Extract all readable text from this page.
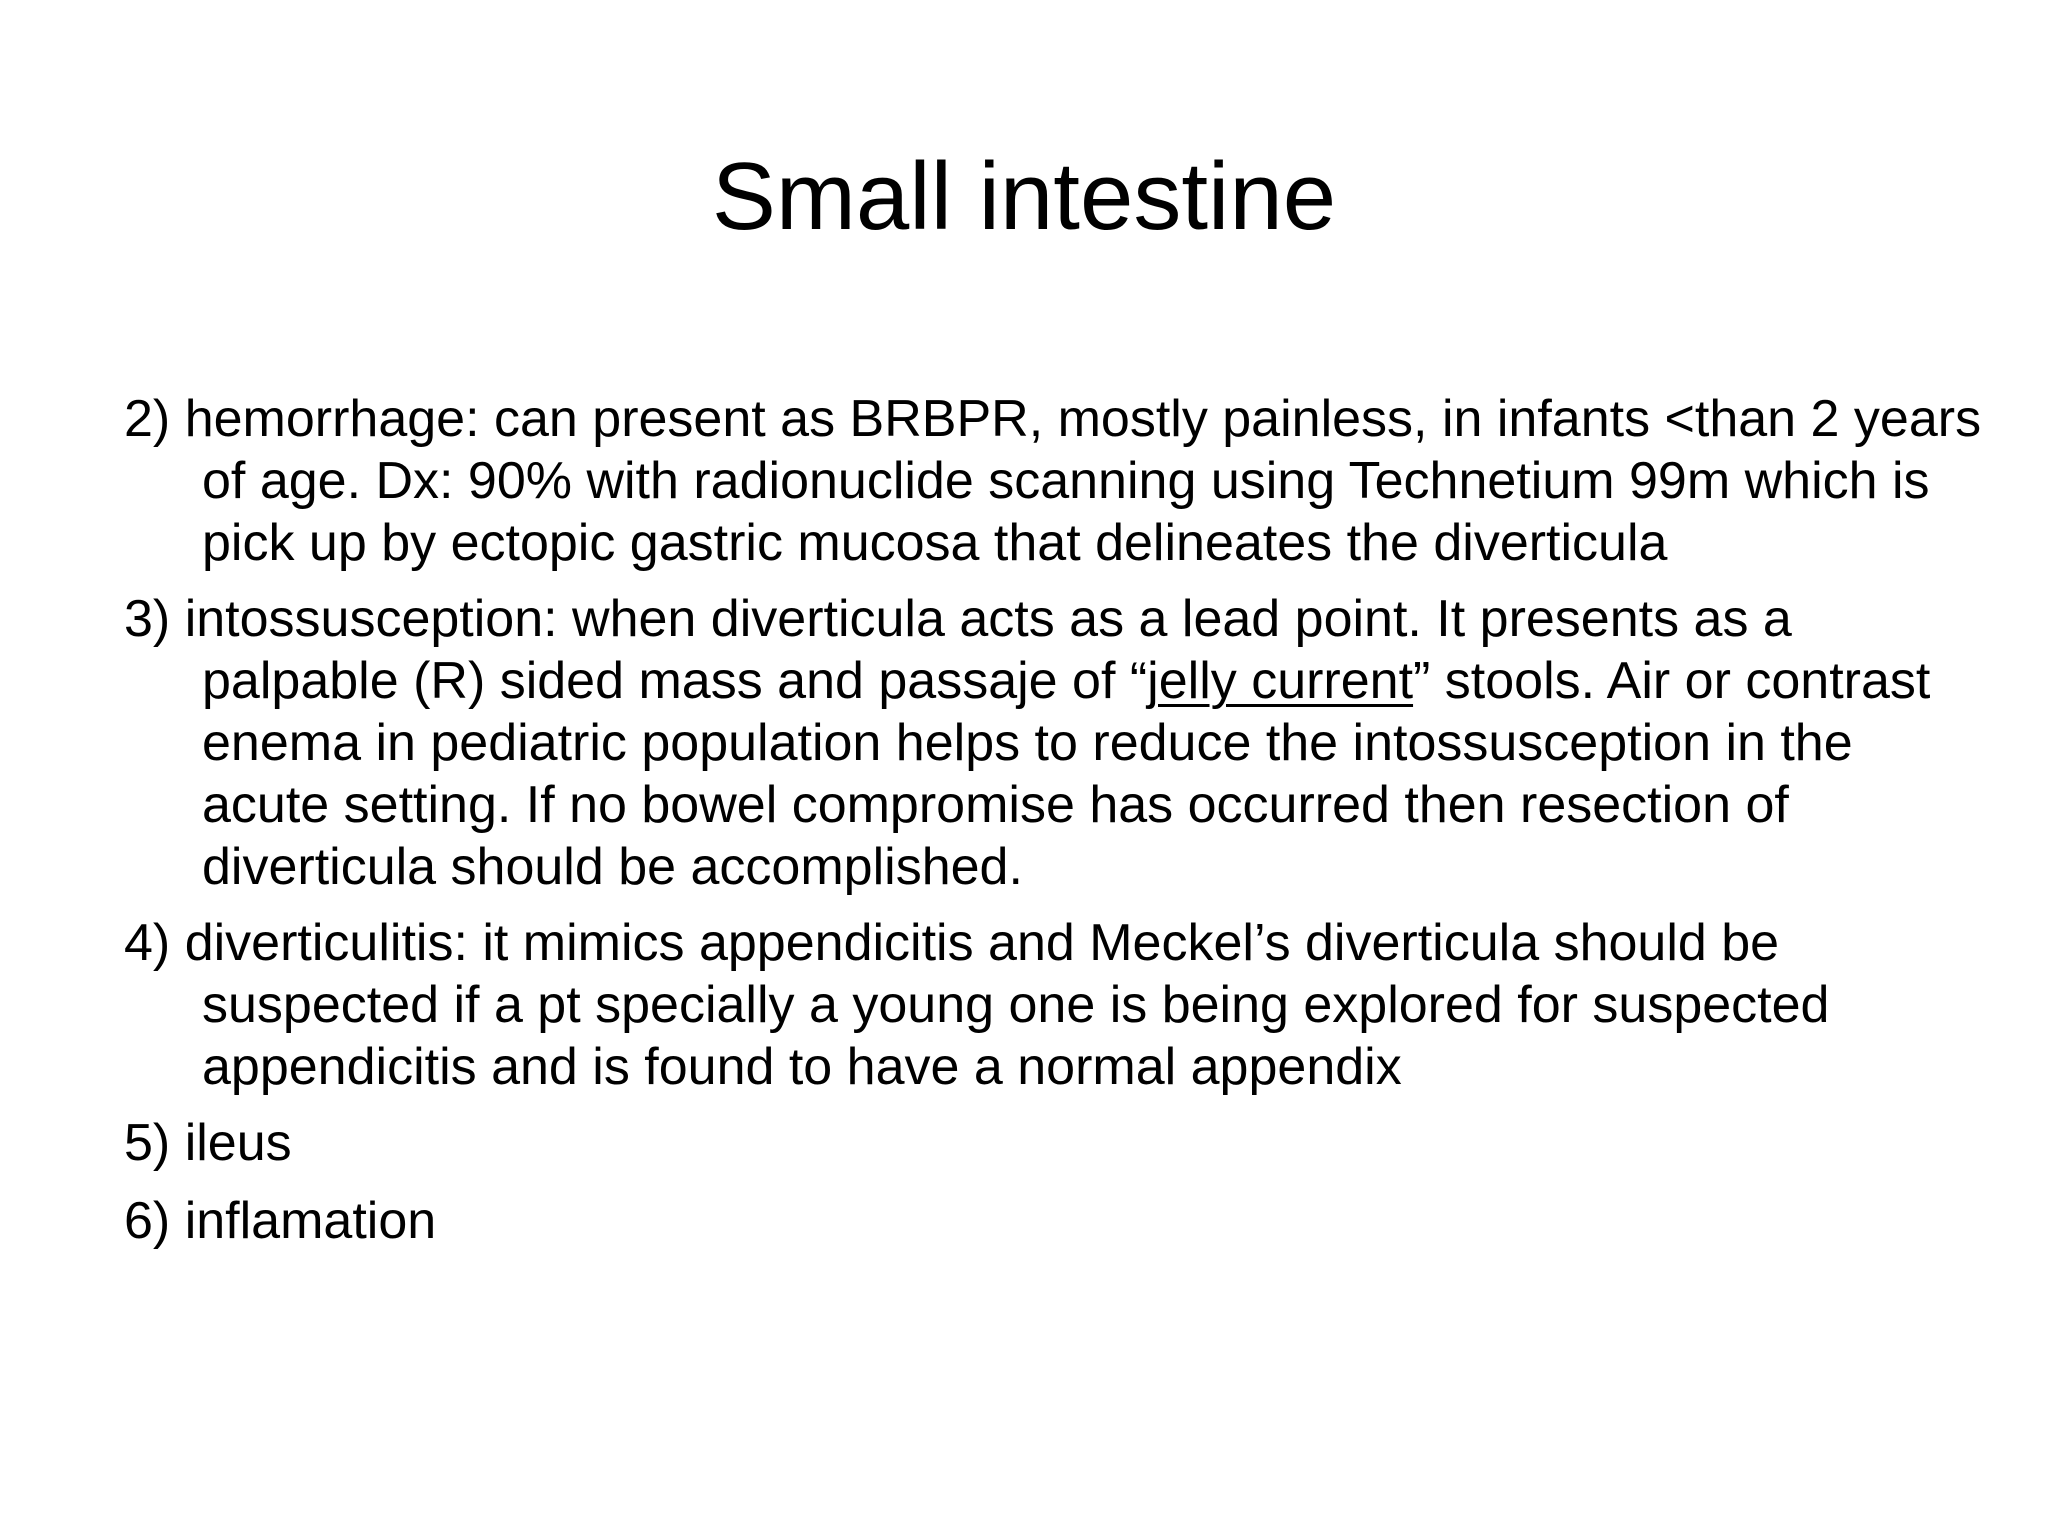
Small intestine

2) hemorrhage: can present as BRBPR, mostly painless, in infants <than 2 years of age. Dx: 90% with radionuclide scanning using Technetium 99m which is pick up by ectopic gastric mucosa that delineates the diverticula

3) intossusception: when diverticula acts as a lead point. It presents as a palpable (R) sided mass and passaje of “jelly current” stools. Air or contrast enema in pediatric population helps to reduce the intossusception in the acute setting. If no bowel compromise has occurred then resection of diverticula should be accomplished.

4) diverticulitis: it mimics appendicitis and Meckel’s diverticula should be suspected if a pt specially a young one is being explored for suspected appendicitis and is found to have a normal appendix

5) ileus

6) inflamation
